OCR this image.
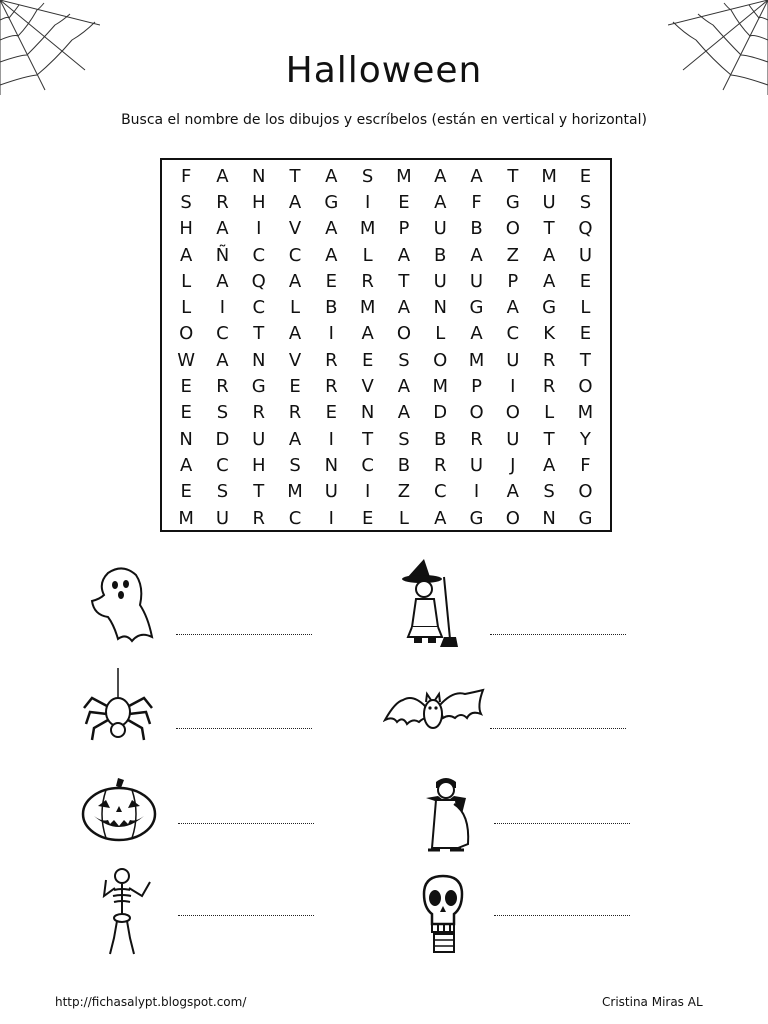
Halloween
Busca el nombre de los dibujos y escríbelos (están en vertical y horizontal)
F	A	N	T	A	S	M	A	A	T	M	E
S	R	H	A	G	I	E	A	F	G	U	S
H	A	I	V	A	M	P	U	B	O	T	Q
A	Ñ	C	C	A	L	A	B	A	Z	A	U
L	A	Q	A	E	R	T	U	U	P	A	E
L	I	C	L	B	M	A	N	G	A	G	L
O	C	T	A	I	A	O	L	A	C	K	E
W	A	N	V	R	E	S	O	M	U	R	T
E	R	G	E	R	V	A	M	P	I	R	O
E	S	R	R	E	N	A	D	O	O	L	M
N	D	U	A	I	T	S	B	R	U	T	Y
A	C	H	S	N	C	B	R	U	J	A	F
E	S	T	M	U	I	Z	C	I	A	S	O
M	U	R	C	I	E	L	A	G	O	N	G
http://fichasalypt.blogspot.com/	Cristina Miras AL
